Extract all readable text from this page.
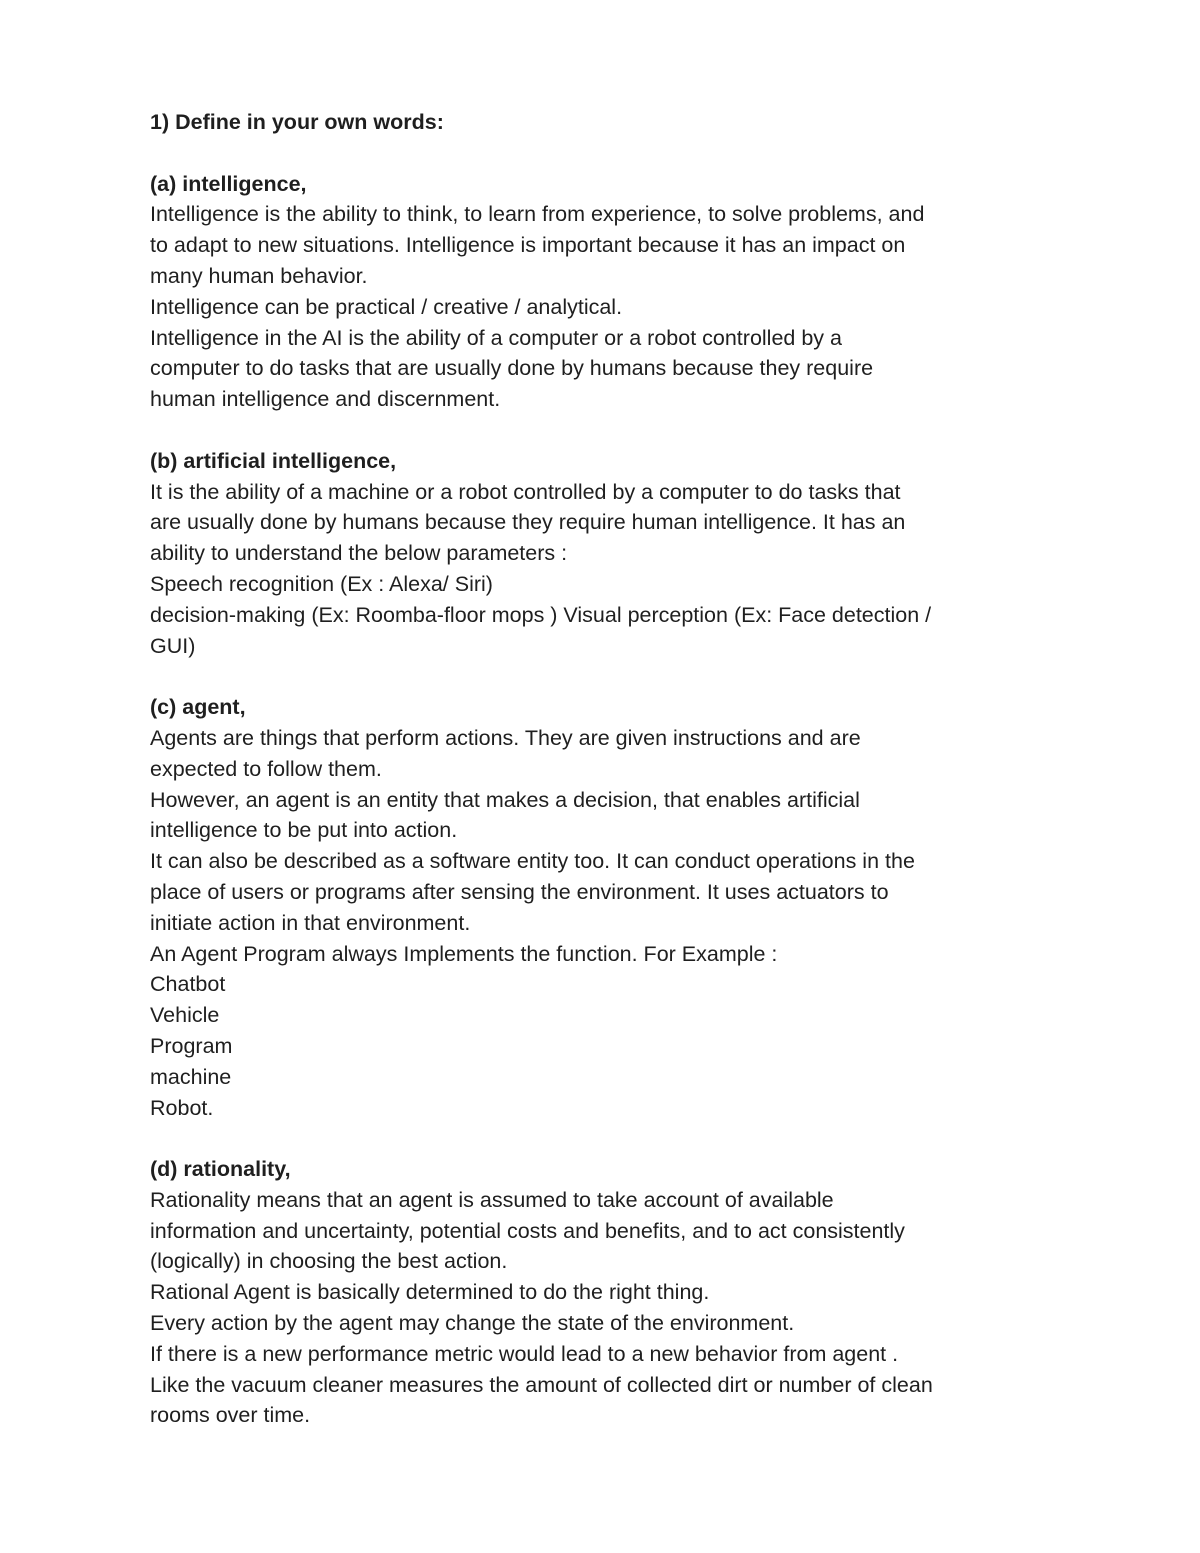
1) Define in your own words:
(a) intelligence,
Intelligence is the ability to think, to learn from experience, to solve problems, and
to adapt to new situations. Intelligence is important because it has an impact on
many human behavior.
Intelligence can be practical / creative / analytical.
Intelligence in the AI is the ability of a computer or a robot controlled by a
computer to do tasks that are usually done by humans because they require
human intelligence and discernment.
(b) artificial intelligence,
It is the ability of a machine or a robot controlled by a computer to do tasks that
are usually done by humans because they require human intelligence. It has an
ability to understand the below parameters :
Speech recognition (Ex : Alexa/ Siri)
decision-making (Ex: Roomba-floor mops ) Visual perception (Ex: Face detection /
GUI)
(c) agent,
Agents are things that perform actions. They are given instructions and are
expected to follow them.
However, an agent is an entity that makes a decision, that enables artificial
intelligence to be put into action.
It can also be described as a software entity too. It can conduct operations in the
place of users or programs after sensing the environment. It uses actuators to
initiate action in that environment.
An Agent Program always Implements the function. For Example :
Chatbot
Vehicle
Program
machine
Robot.
(d) rationality,
Rationality means that an agent is assumed to take account of available
information and uncertainty, potential costs and benefits, and to act consistently
(logically) in choosing the best action.
Rational Agent is basically determined to do the right thing.
Every action by the agent may change the state of the environment.
If there is a new performance metric would lead to a new behavior from agent .
Like the vacuum cleaner measures the amount of collected dirt or number of clean
rooms over time.
